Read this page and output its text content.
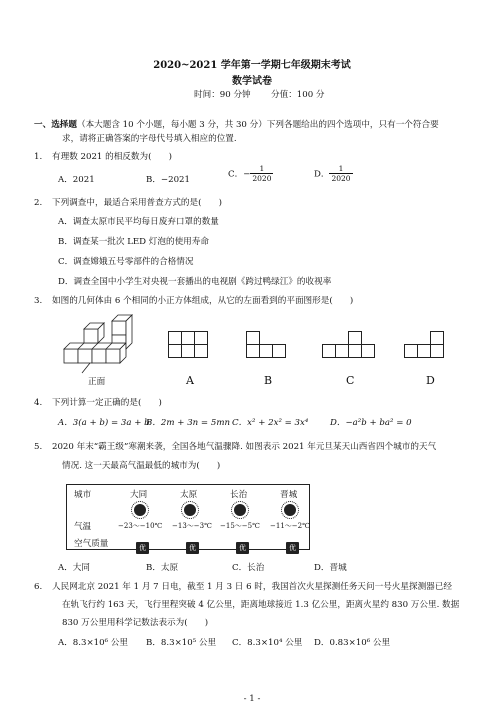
2020~2021 学年第一学期七年级期末考试
数学试卷
时间：90 分钟 分值：100 分
一、选择题（本大题含 10 个小题，每小题 3 分，共 30 分）下列各题给出的四个选项中，只有一个符合要
求，请将正确答案的字母代号填入相应的位置.
1. 有理数 2021 的相反数为(　　)
A．2021	B．−2021
C．− $\frac{1}{2020}$	D． $\frac{1}{2020}$
2. 下列调查中，最适合采用普查方式的是(　　)
A．调查太原市民平均每日废弃口罩的数量
B．调查某一批次 LED 灯泡的使用寿命
C．调查嫦娥五号零部件的合格情况
D．调查全国中小学生对央视一套播出的电视剧《跨过鸭绿江》的收视率
3. 如图的几何体由 6 个相同的小正方体组成，从它的左面看到的平面图形是(　　)
正面	A	B	C	D
4. 下列计算一定正确的是(　　)
A．3(a + b) = 3a + b
B．2m + 3n = 5mn C．x² + 2x² = 3x⁴	D．−a²b + ba² = 0
5. 2020 年末“霸王级”寒潮来袭，全国各地气温骤降. 如图表示 2021 年元旦某天山西省四个城市的天气
情况. 这一天最高气温最低的城市为(　　)
城市	大同	太原	长治	晋城
气温	−23～−10℃ −13～−3℃ −15～−5℃ −11～−2℃
空气质量	优	优	优	优
A．大同	B．太原	C．长治	D．晋城
6. 人民网北京 2021 年 1 月 7 日电，截至 1 月 3 日 6 时，我国首次火星探测任务天问一号火星探测器已经
在轨飞行约 163 天，飞行里程突破 4 亿公里，距离地球接近 1.3 亿公里，距离火星约 830 万公里. 数据
830 万公里用科学记数法表示为(　　)
A．8.3×10⁶ 公里 B．8.3×10⁵ 公里 C．8.3×10⁴ 公里 D．0.83×10⁶ 公里
- 1 -
